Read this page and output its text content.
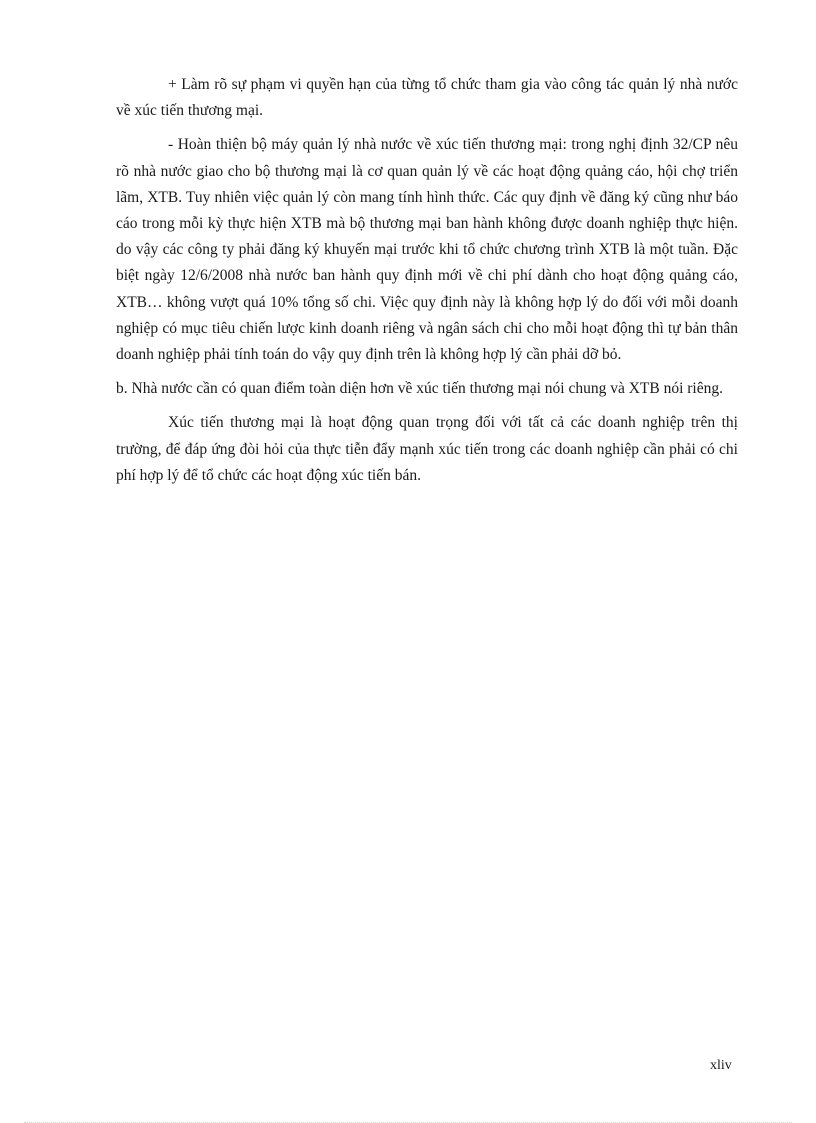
+ Làm rõ sự phạm vi quyền hạn của từng tổ chức tham gia vào công tác quản lý nhà nước về xúc tiến thương mại.

- Hoàn thiện bộ máy quản lý nhà nước về xúc tiến thương mại: trong nghị định 32/CP nêu rõ nhà nước giao cho bộ thương mại là cơ quan quản lý về các hoạt động quảng cáo, hội chợ triển lãm, XTB. Tuy nhiên việc quản lý còn mang tính hình thức. Các quy định về đăng ký cũng như báo cáo trong mỗi kỳ thực hiện XTB mà bộ thương mại ban hành không được doanh nghiệp thực hiện. do vậy các công ty phải đăng ký khuyến mại trước khi tổ chức chương trình XTB là một tuần. Đặc biệt ngày 12/6/2008 nhà nước ban hành quy định mới về chi phí dành cho hoạt động quảng cáo, XTB… không vượt quá 10% tổng số chi. Việc quy định này là không hợp lý do đối với mỗi doanh nghiệp có mục tiêu chiến lược kinh doanh riêng và ngân sách chi cho mỗi hoạt động thì tự bản thân doanh nghiệp phải tính toán do vậy quy định trên là không hợp lý cần phải dỡ bỏ.

b. Nhà nước cần có quan điểm toàn diện hơn về xúc tiến thương mại nói chung và XTB nói riêng.

Xúc tiến thương mại là hoạt động quan trọng đối với tất cả các doanh nghiệp trên thị trường, để đáp ứng đòi hỏi của thực tiễn đẩy mạnh xúc tiến trong các doanh nghiệp cần phải có chi phí hợp lý để tổ chức các hoạt động xúc tiến bán.

xliv
